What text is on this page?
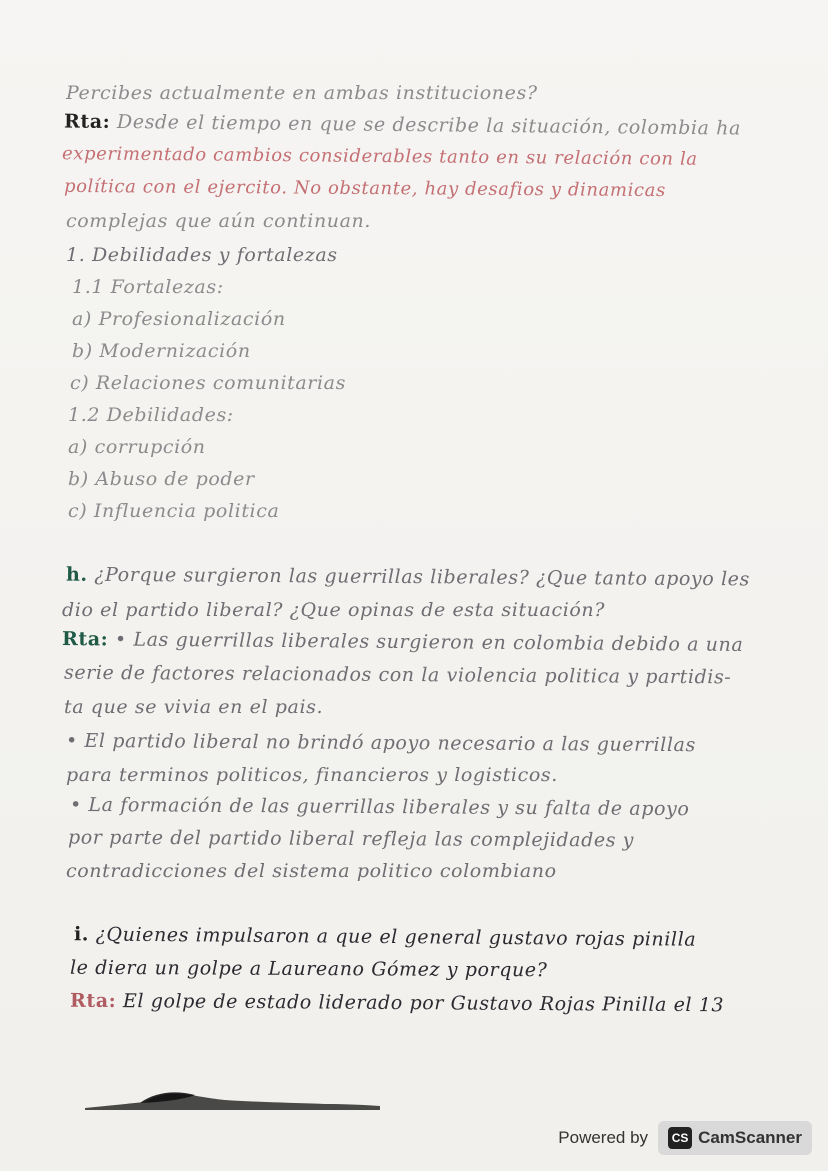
Percibes actualmente en ambas instituciones?
Rta: Desde el tiempo en que se describe la situación, colombia ha
experimentado cambios considerables tanto en su relación con la
política con el ejercito. No obstante, hay desafios y dinamicas
complejas que aún continuan.
1. Debilidades y fortalezas
1.1 Fortalezas:
a) Profesionalización
b) Modernización
c) Relaciones comunitarias
1.2 Debilidades:
a) corrupción
b) Abuso de poder
c) Influencia politica
h. ¿Porque surgieron las guerrillas liberales? ¿Que tanto apoyo les
dio el partido liberal? ¿Que opinas de esta situación?
Rta: • Las guerrillas liberales surgieron en colombia debido a una
serie de factores relacionados con la violencia politica y partidis-
ta que se vivia en el pais.
• El partido liberal no brindó apoyo necesario a las guerrillas
para terminos politicos, financieros y logisticos.
• La formación de las guerrillas liberales y su falta de apoyo
por parte del partido liberal refleja las complejidades y
contradicciones del sistema politico colombiano
i. ¿Quienes impulsaron a que el general gustavo rojas pinilla
le diera un golpe a Laureano Gómez y porque?
Rta: El golpe de estado liderado por Gustavo Rojas Pinilla el 13
Powered by CS CamScanner
